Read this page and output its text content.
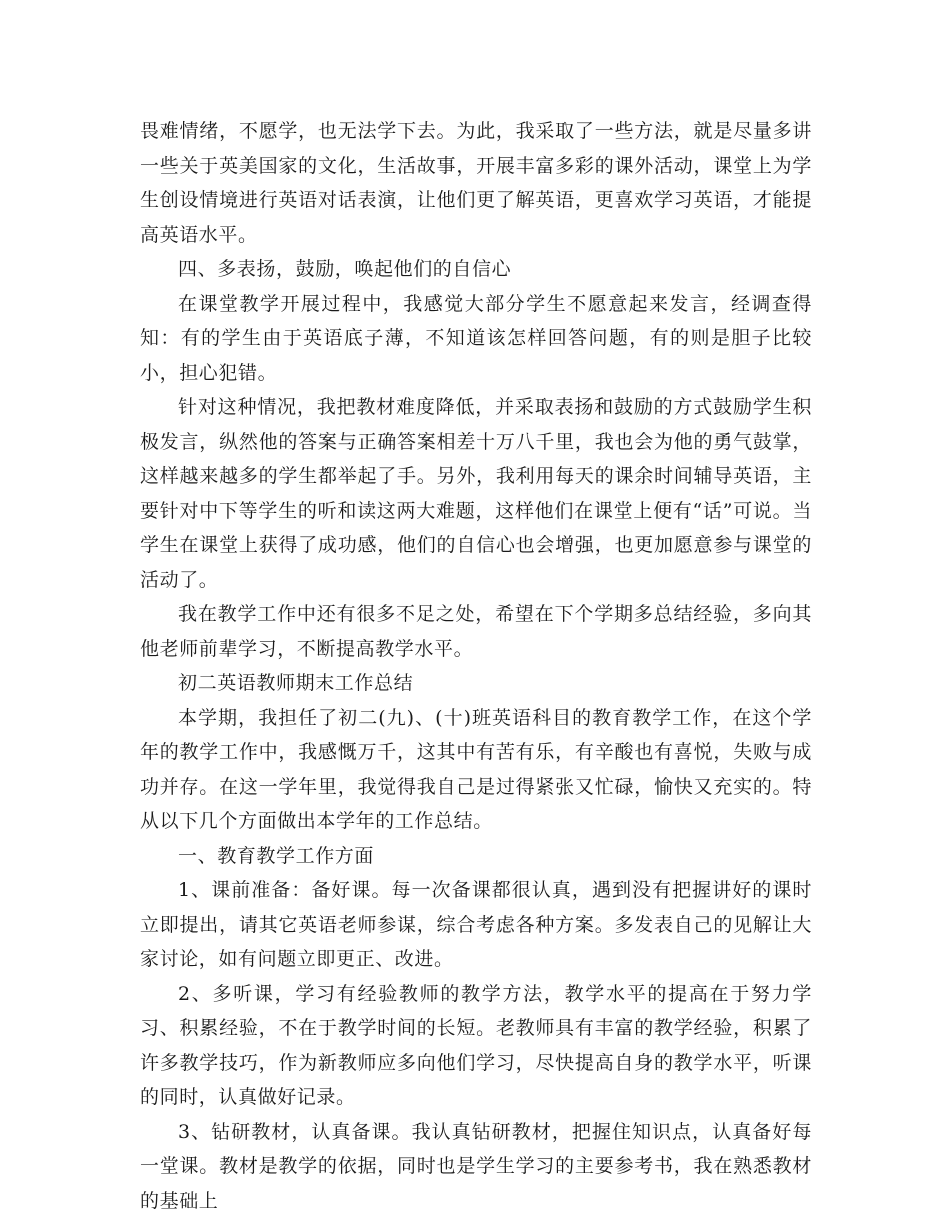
畏难情绪，不愿学，也无法学下去。为此，我采取了一些方法，就是尽量多讲一些关于英美国家的文化，生活故事，开展丰富多彩的课外活动，课堂上为学生创设情境进行英语对话表演，让他们更了解英语，更喜欢学习英语，才能提高英语水平。

四、多表扬，鼓励，唤起他们的自信心

在课堂教学开展过程中，我感觉大部分学生不愿意起来发言，经调查得知：有的学生由于英语底子薄，不知道该怎样回答问题，有的则是胆子比较小，担心犯错。

针对这种情况，我把教材难度降低，并采取表扬和鼓励的方式鼓励学生积极发言，纵然他的答案与正确答案相差十万八千里，我也会为他的勇气鼓掌，这样越来越多的学生都举起了手。另外，我利用每天的课余时间辅导英语，主要针对中下等学生的听和读这两大难题，这样他们在课堂上便有“话”可说。当学生在课堂上获得了成功感，他们的自信心也会增强，也更加愿意参与课堂的活动了。

我在教学工作中还有很多不足之处，希望在下个学期多总结经验，多向其他老师前辈学习，不断提高教学水平。

初二英语教师期末工作总结

本学期，我担任了初二(九)、(十)班英语科目的教育教学工作，在这个学年的教学工作中，我感慨万千，这其中有苦有乐，有辛酸也有喜悦，失败与成功并存。在这一学年里，我觉得我自己是过得紧张又忙碌，愉快又充实的。特从以下几个方面做出本学年的工作总结。

一、教育教学工作方面

1、课前准备：备好课。每一次备课都很认真，遇到没有把握讲好的课时立即提出，请其它英语老师参谋，综合考虑各种方案。多发表自己的见解让大家讨论，如有问题立即更正、改进。

2、多听课，学习有经验教师的教学方法，教学水平的提高在于努力学习、积累经验，不在于教学时间的长短。老教师具有丰富的教学经验，积累了许多教学技巧，作为新教师应多向他们学习，尽快提高自身的教学水平，听课的同时，认真做好记录。

3、钻研教材，认真备课。我认真钻研教材，把握住知识点，认真备好每一堂课。教材是教学的依据，同时也是学生学习的主要参考书，我在熟悉教材的基础上
